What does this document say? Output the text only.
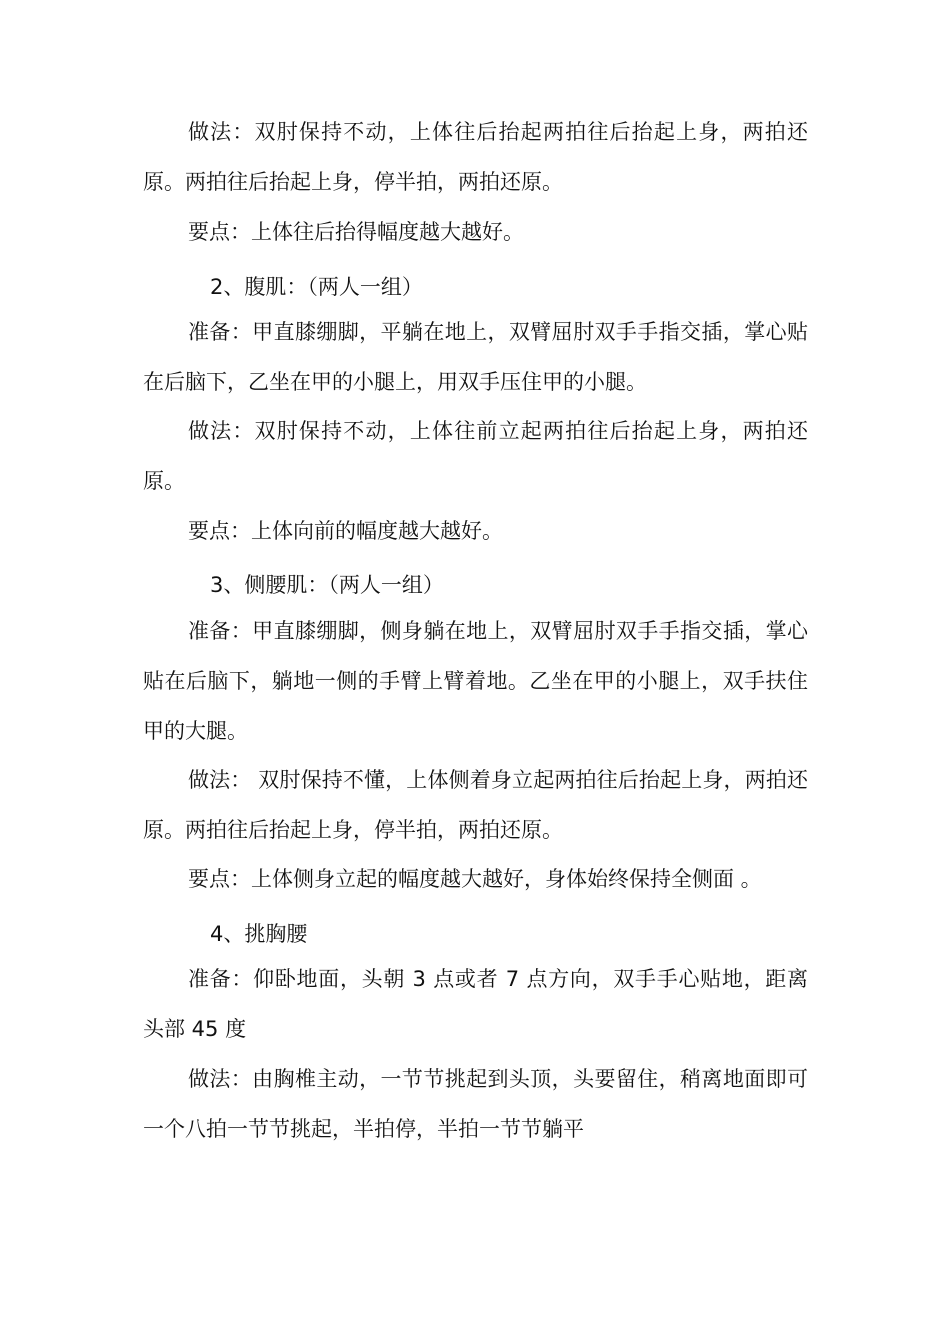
做法：双肘保持不动，上体往后抬起两拍往后抬起上身，两拍还原。两拍往后抬起上身，停半拍，两拍还原。

要点：上体往后抬得幅度越大越好。

2、腹肌：（两人一组）

准备：甲直膝绷脚，平躺在地上，双臂屈肘双手手指交插，掌心贴在后脑下，乙坐在甲的小腿上，用双手压住甲的小腿。

做法：双肘保持不动，上体往前立起两拍往后抬起上身，两拍还原。

要点：上体向前的幅度越大越好。

3、侧腰肌：（两人一组）

准备：甲直膝绷脚，侧身躺在地上，双臂屈肘双手手指交插，掌心贴在后脑下，躺地一侧的手臂上臂着地。乙坐在甲的小腿上，双手扶住甲的大腿。

做法： 双肘保持不懂，上体侧着身立起两拍往后抬起上身，两拍还原。两拍往后抬起上身，停半拍，两拍还原。

要点：上体侧身立起的幅度越大越好，身体始终保持全侧面 。

4、挑胸腰

准备：仰卧地面，头朝 3 点或者 7 点方向，双手手心贴地，距离头部 45 度

做法：由胸椎主动，一节节挑起到头顶，头要留住，稍离地面即可一个八拍一节节挑起，半拍停，半拍一节节躺平
